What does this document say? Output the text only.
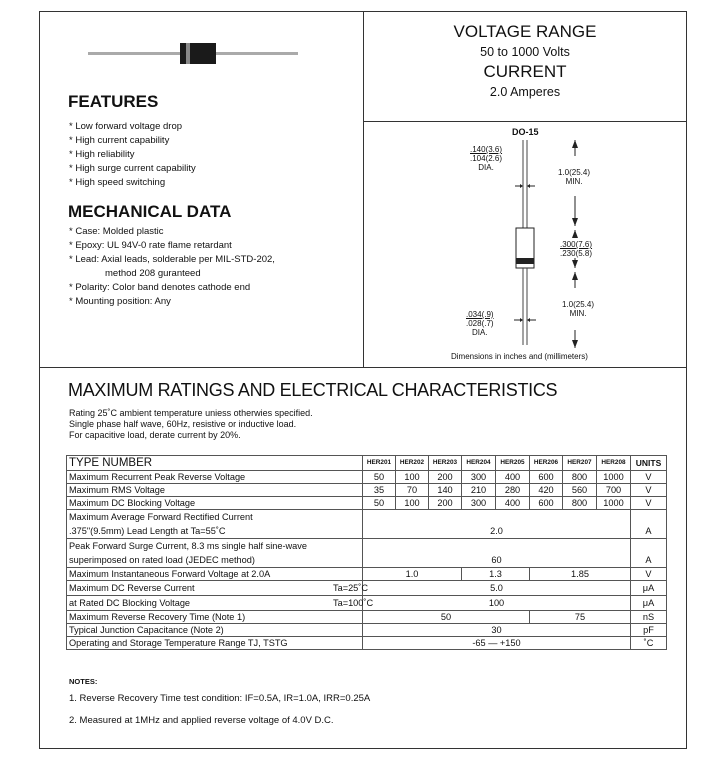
FEATURES
* Low forward voltage drop
* High current capability
* High reliability
* High surge current capability
* High speed switching
MECHANICAL DATA
* Case: Molded plastic
* Epoxy: UL 94V-0 rate flame retardant
* Lead: Axial leads, solderable per MIL-STD-202,
method 208 guranteed
* Polarity: Color band denotes cathode end
* Mounting position: Any
VOLTAGE RANGE
50 to 1000 Volts
CURRENT
2.0 Amperes
DO-15
.140(3.6)
.104(2.6)
DIA.
1.0(25.4)
MIN.
.300(7.6)
.230(5.8)
.034(.9)
.028(.7)
DIA.
1.0(25.4)
MIN.
Dimensions in inches and (millimeters)
MAXIMUM RATINGS AND ELECTRICAL CHARACTERISTICS
Rating 25˚C ambient temperature uniess otherwies specified.
Single phase half wave, 60Hz, resistive or inductive load.
For capacitive load, derate current by 20%.
TYPE NUMBER	HER201	HER202	HER203	HER204	HER205	HER206	HER207	HER208	UNITS
Maximum Recurrent Peak Reverse Voltage	50	100	200	300	400	600	800	1000	V
Maximum RMS Voltage	35	70	140	210	280	420	560	700	V
Maximum DC Blocking Voltage	50	100	200	300	400	600	800	1000	V
Maximum Average Forward Rectified Current									
.375"(9.5mm) Lead Length at Ta=55˚C	2.0								A
Peak Forward Surge Current, 8.3 ms single half sine-wave									
superimposed on rated load (JEDEC method)	60								A
Maximum Instantaneous Forward Voltage at 2.0A	1.0			1.3		1.85			V
Maximum DC Reverse Current Ta=25˚C	5.0								μA
at Rated DC Blocking Voltage Ta=100˚C	100								μA
Maximum Reverse Recovery Time (Note 1)	50					75			nS
Typical Junction Capacitance (Note 2)	30								pF
Operating and Storage Temperature Range TJ, TSTG	-65 — +150								˚C
NOTES:
1. Reverse Recovery Time test condition: IF=0.5A, IR=1.0A, IRR=0.25A
2. Measured at 1MHz and applied reverse voltage of 4.0V D.C.
